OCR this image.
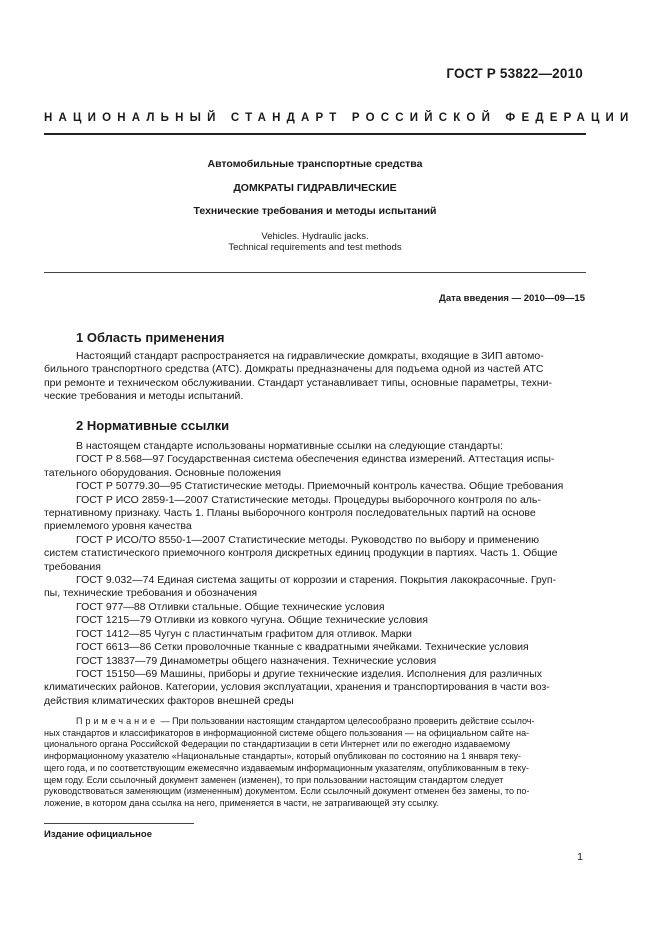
ГОСТ Р 53822—2010
НАЦИОНАЛЬНЫЙ СТАНДАРТ РОССИЙСКОЙ ФЕДЕРАЦИИ
Автомобильные транспортные средства
ДОМКРАТЫ ГИДРАВЛИЧЕСКИЕ
Технические требования и методы испытаний
Vehicles. Hydraulic jacks.
Technical requirements and test methods
Дата введения — 2010—09—15
1 Область применения

Настоящий стандарт распространяется на гидравлические домкраты, входящие в ЗИП автомо-

бильного транспортного средства (АТС). Домкраты предназначены для подъема одной из частей АТС

при ремонте и техническом обслуживании. Стандарт устанавливает типы, основные параметры, техни-

ческие требования и методы испытаний.

2 Нормативные ссылки

В настоящем стандарте использованы нормативные ссылки на следующие стандарты:

ГОСТ Р 8.568—97 Государственная система обеспечения единства измерений. Аттестация испы-

тательного оборудования. Основные положения

ГОСТ Р 50779.30—95 Статистические методы. Приемочный контроль качества. Общие требования

ГОСТ Р ИСО 2859-1—2007 Статистические методы. Процедуры выборочного контроля по аль-

тернативному признаку. Часть 1. Планы выборочного контроля последовательных партий на основе

приемлемого уровня качества

ГОСТ Р ИСО/ТО 8550-1—2007 Статистические методы. Руководство по выбору и применению

систем статистического приемочного контроля дискретных единиц продукции в партиях. Часть 1. Общие

требования

ГОСТ 9.032—74 Единая система защиты от коррозии и старения. Покрытия лакокрасочные. Груп-

пы, технические требования и обозначения

ГОСТ 977—88 Отливки стальные. Общие технические условия

ГОСТ 1215—79 Отливки из ковкого чугуна. Общие технические условия

ГОСТ 1412—85 Чугун с пластинчатым графитом для отливок. Марки

ГОСТ 6613—86 Сетки проволочные тканные с квадратными ячейками. Технические условия

ГОСТ 13837—79 Динамометры общего назначения. Технические условия

ГОСТ 15150—69 Машины, приборы и другие технические изделия. Исполнения для различных

климатических районов. Категории, условия эксплуатации, хранения и транспортирования в части воз-

действия климатических факторов внешней среды

Примечание — При пользовании настоящим стандартом целесообразно проверить действие ссылоч-

ных стандартов и классификаторов в информационной системе общего пользования — на официальном сайте на-

ционального органа Российской Федерации по стандартизации в сети Интернет или по ежегодно издаваемому

информационному указателю «Национальные стандарты», который опубликован по состоянию на 1 января теку-

щего года, и по соответствующим ежемесячно издаваемым информационным указателям, опубликованным в теку-

щем году. Если ссылочный документ заменен (изменен), то при пользовании настоящим стандартом следует

руководствоваться заменяющим (измененным) документом. Если ссылочный документ отменен без замены, то по-

ложение, в котором дана ссылка на него, применяется в части, не затрагивающей эту ссылку.

Издание официальное
1
